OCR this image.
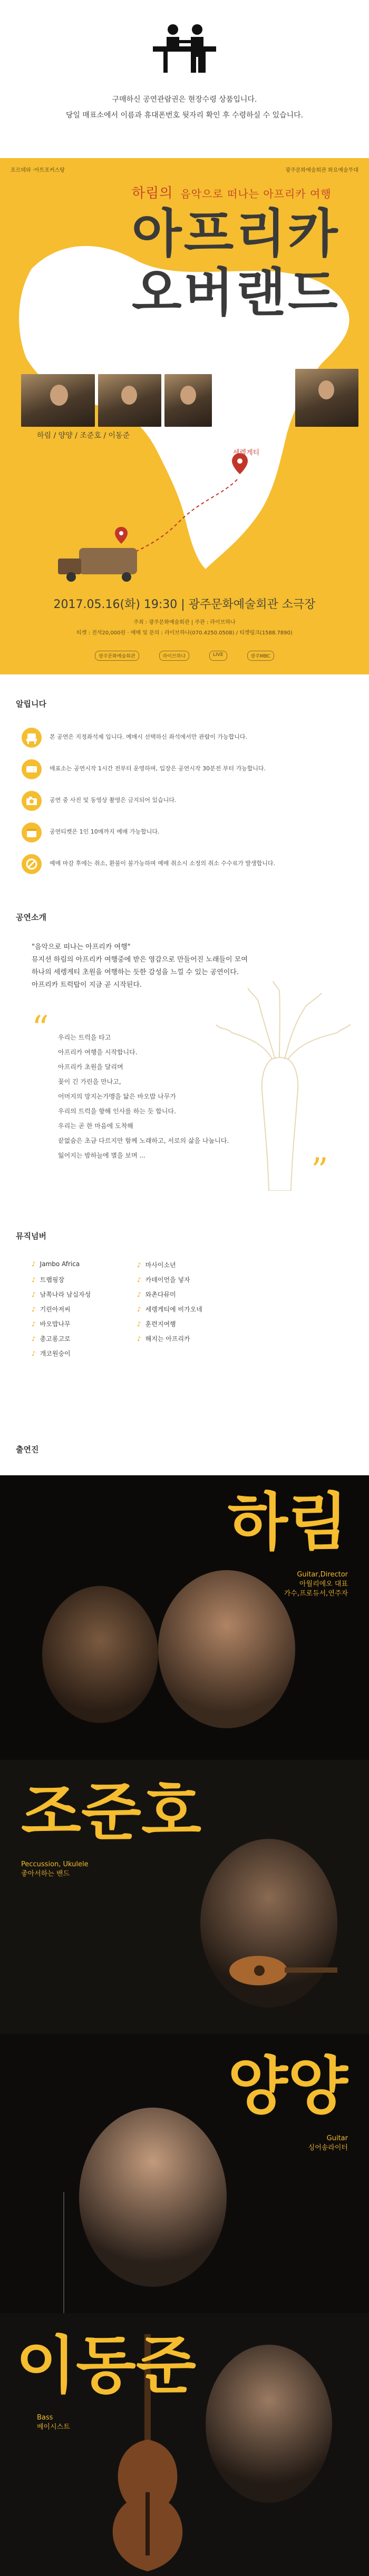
구매하신 공연관람권은 현장수령 상품입니다.

당일 매표소에서 이름과 휴대폰번호 뒷자리 확인 후 수령하실 수 있습니다.

포르테와 ·아트포커스탕	광주문화예술회관 화요예술무대
하림의 음악으로 떠나는 아프리카 여행
아프리카
오버랜드
하림 / 양양 / 조준호 / 이동준
세렝게티
2017.05.16(화) 19:30 | 광주문화예술회관 소극장
주최 : 광주문화예술회관 | 주관 : 라이브하나
티켓 : 전석20,000원 · 예매 및 문의 : 라이브하나(070.4250.0508) / 티켓링크(1588.7890)
광주문화예술회관	라이브하나	LIVE	광주MBC
알립니다

본 공연은 지정좌석제 입니다. 예매시 선택하신 좌석에서만 관람이 가능합니다.

매표소는 공연시작 1시간 전부터 운영하며, 입장은 공연시작 30분전 부터 가능합니다.

공연 중 사진 및 동영상 촬영은 금지되어 있습니다.

공연티켓은 1인 10매까지 예매 가능합니다.

예매 마감 후에는 취소, 환불이 불가능하며 예매 취소시 소정의 취소 수수료가 발생합니다.

공연소개

"음악으로 떠나는 아프리카 여행"

뮤지션 하림의 아프리카 여행중에 받은 영감으로 만들어진 노래들이 모여

하나의 세렝게티 초원을 여행하는 듯한 감성을 느낄 수 있는 공연이다.

아프리카 트럭탑이 지금 곧 시작된다.

“ 우리는 트럭을 타고

아프리카 여행을 시작합니다.

아프리카 초원을 달리며

꽃이 긴 가린을 만나고,

어머지의 망지논가맹을 닮은 바오밥 나무가

우리의 트럭을 향해 인사를 하는 듯 합니다.

우리는 곧 한 마음에 도착해

끝없숨은 초금 다르지만 함께 노래하고, 서로의 삶을 나눕니다.

잃어지는 밤하늘에 별을 보며 ...	”
뮤직넘버
♪ Jambo Africa
♪ 트랩핑장
♪ 남쪽나라 남십자성
♪ 기린아저씨
♪ 바오밥나무
♪ 총고롱고로
♪ 개코원숭이
♪ 마사이소년
♪ 카데이언을 넣자
♪ 와촌다뮤미
♪ 세렝게티에 비가오네
♪ 훈련지여행
♪ 해지는 아프리카
출연진
하림
Guitar,Director
아월리에오 대표
가수,프로듀서,연주자
조준호
Peccussion, Ukulele
좋아서하는 밴드
양양
Guitar
싱어송라이터
이동준
Bass
베이시스트
